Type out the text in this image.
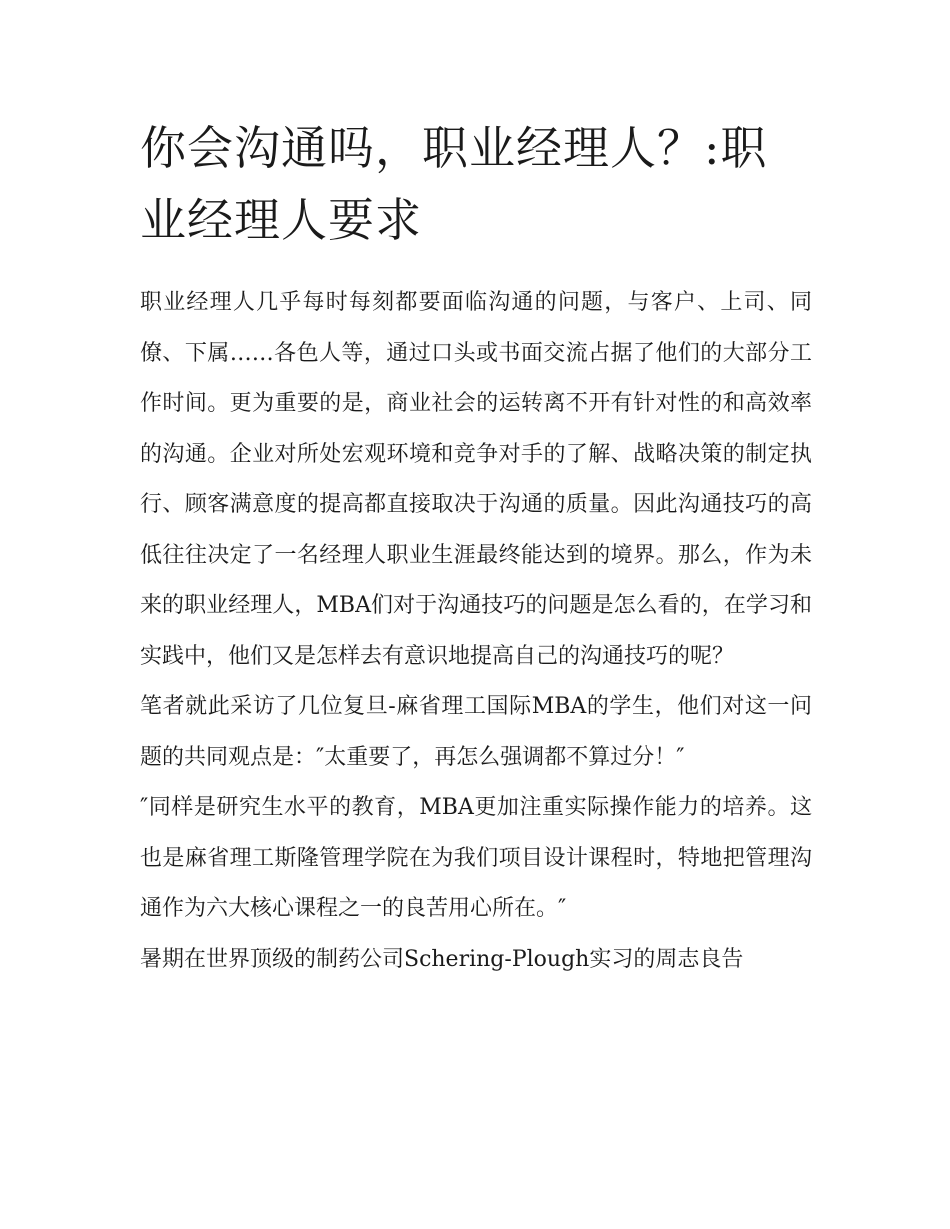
你会沟通吗，职业经理人？:职业经理人要求

职业经理人几乎每时每刻都要面临沟通的问题，与客户、上司、同僚、下属……各色人等，通过口头或书面交流占据了他们的大部分工作时间。更为重要的是，商业社会的运转离不开有针对性的和高效率的沟通。企业对所处宏观环境和竞争对手的了解、战略决策的制定执行、顾客满意度的提高都直接取决于沟通的质量。因此沟通技巧的高低往往决定了一名经理人职业生涯最终能达到的境界。那么，作为未来的职业经理人，MBA们对于沟通技巧的问题是怎么看的，在学习和实践中，他们又是怎样去有意识地提高自己的沟通技巧的呢？

笔者就此采访了几位复旦-麻省理工国际MBA的学生，他们对这一问题的共同观点是：″太重要了，再怎么强调都不算过分！″

″同样是研究生水平的教育，MBA更加注重实际操作能力的培养。这也是麻省理工斯隆管理学院在为我们项目设计课程时，特地把管理沟通作为六大核心课程之一的良苦用心所在。″

暑期在世界顶级的制药公司Schering-Plough实习的周志良告
